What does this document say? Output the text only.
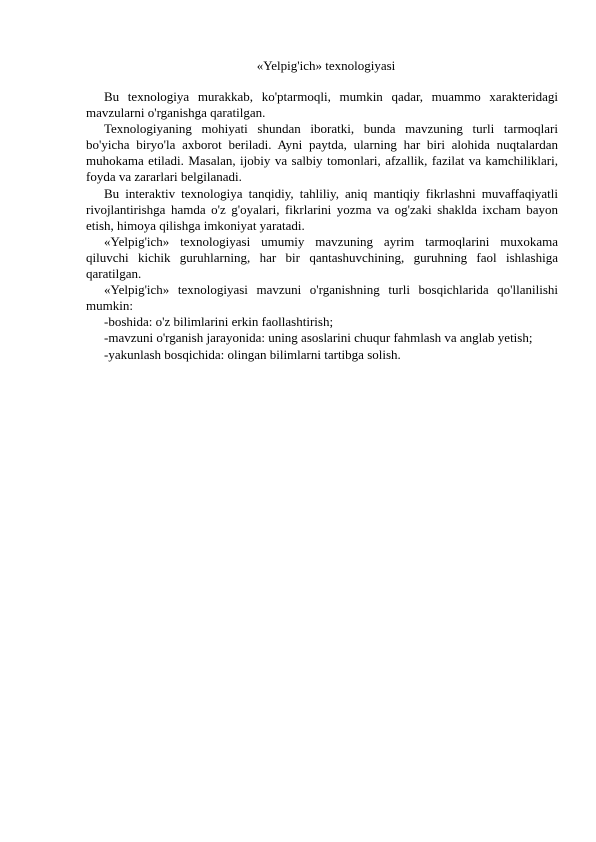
«Yelpig'ich» texnologiyasi

Bu texnologiya murakkab, ko'ptarmoqli, mumkin qadar, muammo xarakteridagi mavzularni o'rganishga qaratilgan.

Texnologiyaning mohiyati shundan iboratki, bunda mavzuning turli tarmoqlari bo'yicha biryo'la axborot beriladi. Ayni paytda, ularning har biri alohida nuqtalardan muhokama etiladi. Masalan, ijobiy va salbiy tomonlari, afzallik, fazilat va kamchiliklari, foyda va zararlari belgilanadi.

Bu interaktiv texnologiya tanqidiy, tahliliy, aniq mantiqiy fikrlashni muvaffaqiyatli rivojlantirishga hamda o'z g'oyalari, fikrlarini yozma va og'zaki shaklda ixcham bayon etish, himoya qilishga imkoniyat yaratadi.

«Yelpig'ich» texnologiyasi umumiy mavzuning ayrim tarmoqlarini muxokama qiluvchi kichik guruhlarning, har bir qantashuvchining, guruhning faol ishlashiga qaratilgan.

«Yelpig'ich» texnologiyasi mavzuni o'rganishning turli bosqichlarida qo'llanilishi mumkin:

-boshida: o'z bilimlarini erkin faollashtirish;

-mavzuni o'rganish jarayonida: uning asoslarini chuqur fahmlash va anglab yetish;

-yakunlash bosqichida: olingan bilimlarni tartibga solish.
